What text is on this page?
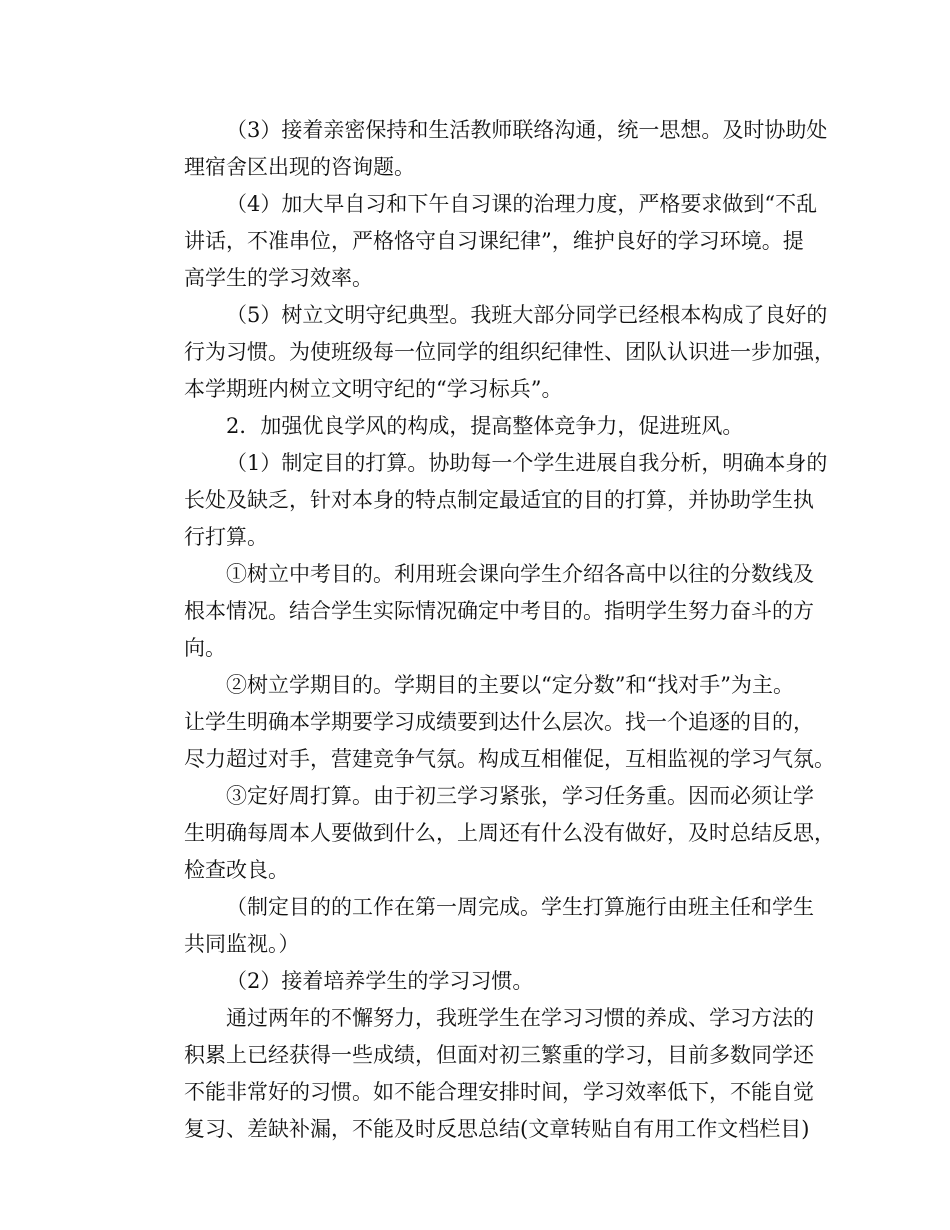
（3）接着亲密保持和生活教师联络沟通，统一思想。及时协助处
理宿舍区出现的咨询题。
（4）加大早自习和下午自习课的治理力度，严格要求做到“不乱
讲话，不准串位，严格恪守自习课纪律”，维护良好的学习环境。提
高学生的学习效率。
（5）树立文明守纪典型。我班大部分同学已经根本构成了良好的
行为习惯。为使班级每一位同学的组织纪律性、团队认识进一步加强，
本学期班内树立文明守纪的“学习标兵”。
2．加强优良学风的构成，提高整体竞争力，促进班风。
（1）制定目的打算。协助每一个学生进展自我分析，明确本身的
长处及缺乏，针对本身的特点制定最适宜的目的打算，并协助学生执
行打算。
①树立中考目的。利用班会课向学生介绍各高中以往的分数线及
根本情况。结合学生实际情况确定中考目的。指明学生努力奋斗的方
向。
②树立学期目的。学期目的主要以“定分数”和“找对手”为主。
让学生明确本学期要学习成绩要到达什么层次。找一个追逐的目的，
尽力超过对手，营建竞争气氛。构成互相催促，互相监视的学习气氛。
③定好周打算。由于初三学习紧张，学习任务重。因而必须让学
生明确每周本人要做到什么，上周还有什么没有做好，及时总结反思，
检查改良。
（制定目的的工作在第一周完成。学生打算施行由班主任和学生
共同监视。）
（2）接着培养学生的学习习惯。
通过两年的不懈努力，我班学生在学习习惯的养成、学习方法的
积累上已经获得一些成绩，但面对初三繁重的学习，目前多数同学还
不能非常好的习惯。如不能合理安排时间，学习效率低下，不能自觉
复习、差缺补漏，不能及时反思总结(文章转贴自有用工作文档栏目)
